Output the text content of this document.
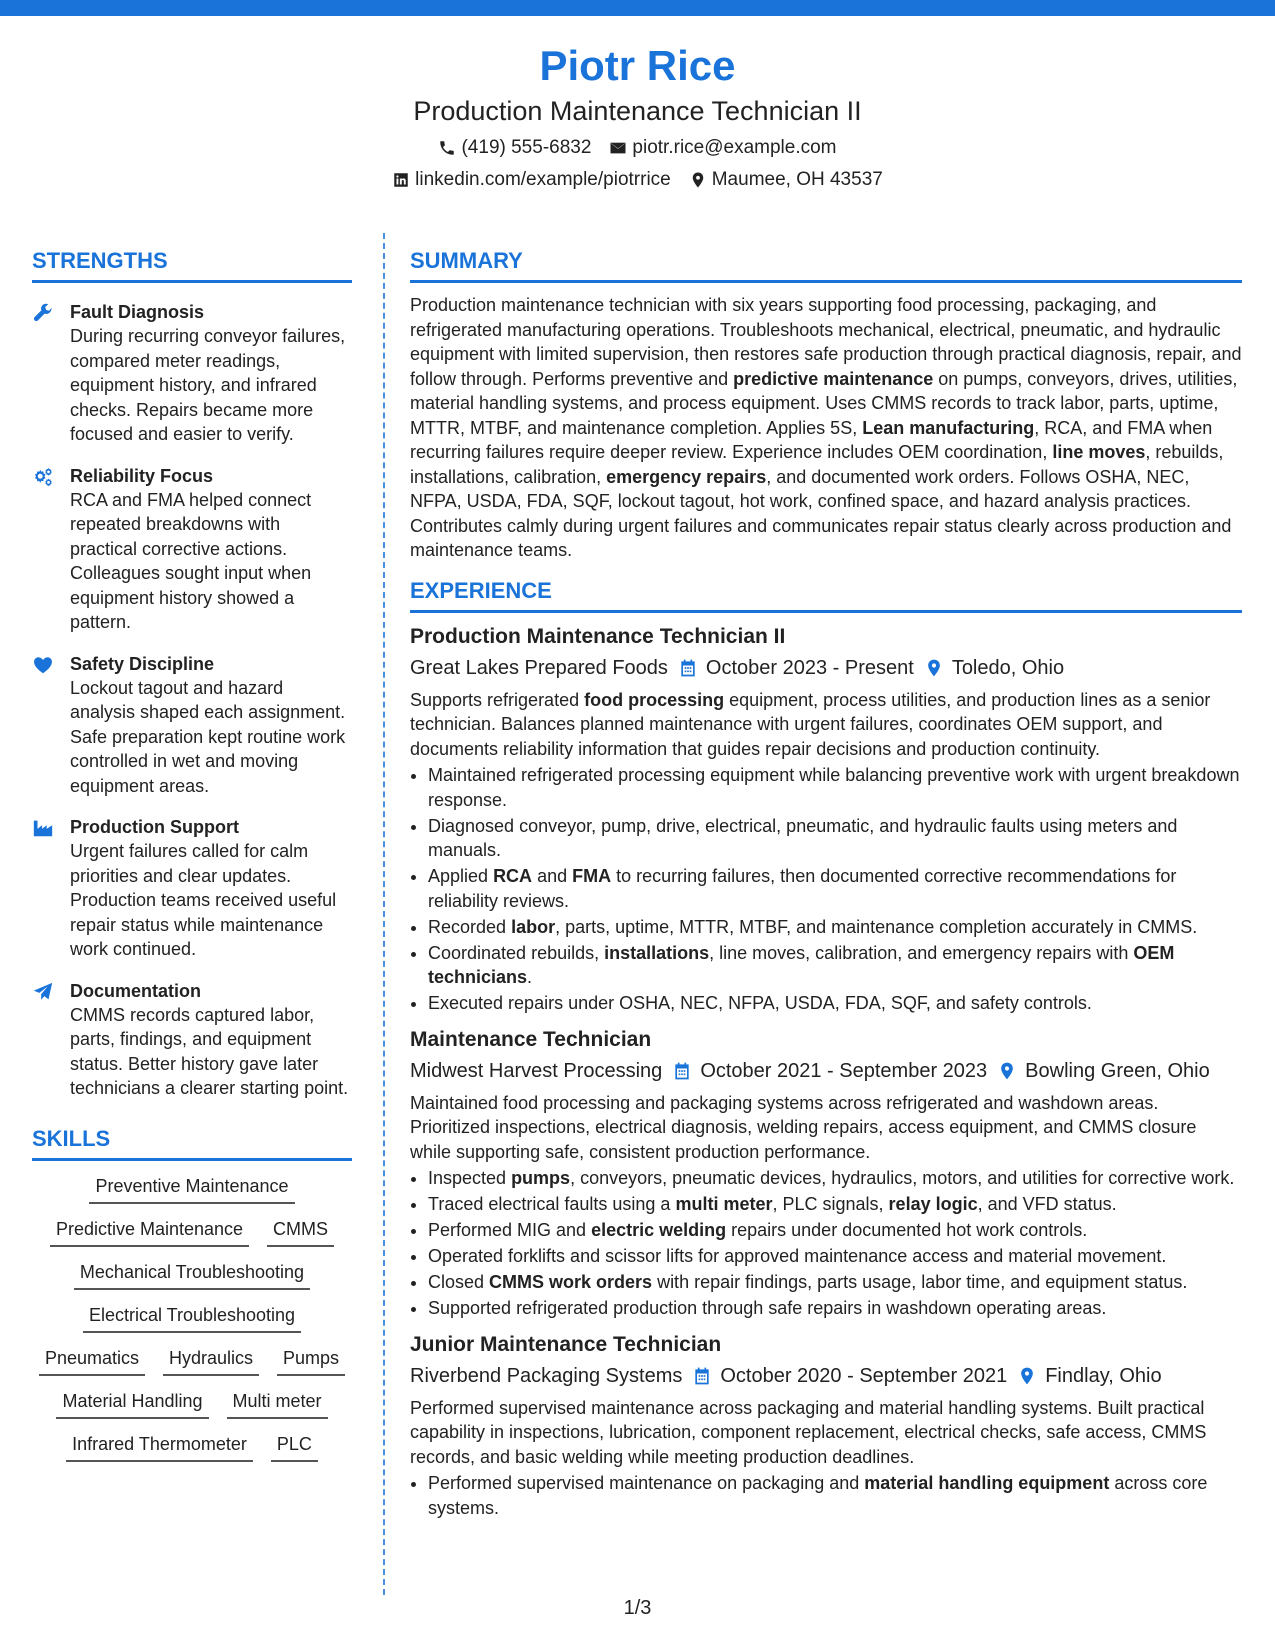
Piotr Rice
Production Maintenance Technician II
(419) 555-6832 piotr.rice@example.com
linkedin.com/example/piotrrice Maumee, OH 43537
STRENGTHS
Fault Diagnosis
During recurring conveyor failures, compared meter readings, equipment history, and infrared checks. Repairs became more focused and easier to verify.
Reliability Focus
RCA and FMA helped connect repeated breakdowns with practical corrective actions. Colleagues sought input when equipment history showed a pattern.
Safety Discipline
Lockout tagout and hazard analysis shaped each assignment. Safe preparation kept routine work controlled in wet and moving equipment areas.
Production Support
Urgent failures called for calm priorities and clear updates. Production teams received useful repair status while maintenance work continued.
Documentation
CMMS records captured labor, parts, findings, and equipment status. Better history gave later technicians a clearer starting point.
SKILLS
Preventive Maintenance
Predictive Maintenance	CMMS
Mechanical Troubleshooting
Electrical Troubleshooting
Pneumatics	Hydraulics	Pumps
Material Handling	Multi meter
Infrared Thermometer	PLC
SUMMARY
Production maintenance technician with six years supporting food processing, packaging, and refrigerated manufacturing operations. Troubleshoots mechanical, electrical, pneumatic, and hydraulic equipment with limited supervision, then restores safe production through practical diagnosis, repair, and follow through. Performs preventive and predictive maintenance on pumps, conveyors, drives, utilities, material handling systems, and process equipment. Uses CMMS records to track labor, parts, uptime, MTTR, MTBF, and maintenance completion. Applies 5S, Lean manufacturing, RCA, and FMA when recurring failures require deeper review. Experience includes OEM coordination, line moves, rebuilds, installations, calibration, emergency repairs, and documented work orders. Follows OSHA, NEC, NFPA, USDA, FDA, SQF, lockout tagout, hot work, confined space, and hazard analysis practices. Contributes calmly during urgent failures and communicates repair status clearly across production and maintenance teams.
EXPERIENCE
Production Maintenance Technician II
Great Lakes Prepared Foods October 2023 - Present Toledo, Ohio
Supports refrigerated food processing equipment, process utilities, and production lines as a senior technician. Balances planned maintenance with urgent failures, coordinates OEM support, and documents reliability information that guides repair decisions and production continuity.
• Maintained refrigerated processing equipment while balancing preventive work with urgent breakdown response.
• Diagnosed conveyor, pump, drive, electrical, pneumatic, and hydraulic faults using meters and manuals.
• Applied RCA and FMA to recurring failures, then documented corrective recommendations for reliability reviews.
• Recorded labor, parts, uptime, MTTR, MTBF, and maintenance completion accurately in CMMS.
• Coordinated rebuilds, installations, line moves, calibration, and emergency repairs with OEM technicians.
• Executed repairs under OSHA, NEC, NFPA, USDA, FDA, SQF, and safety controls.
Maintenance Technician
Midwest Harvest Processing October 2021 - September 2023 Bowling Green, Ohio
Maintained food processing and packaging systems across refrigerated and washdown areas. Prioritized inspections, electrical diagnosis, welding repairs, access equipment, and CMMS closure while supporting safe, consistent production performance.
• Inspected pumps, conveyors, pneumatic devices, hydraulics, motors, and utilities for corrective work.
• Traced electrical faults using a multi meter, PLC signals, relay logic, and VFD status.
• Performed MIG and electric welding repairs under documented hot work controls.
• Operated forklifts and scissor lifts for approved maintenance access and material movement.
• Closed CMMS work orders with repair findings, parts usage, labor time, and equipment status.
• Supported refrigerated production through safe repairs in washdown operating areas.
Junior Maintenance Technician
Riverbend Packaging Systems October 2020 - September 2021 Findlay, Ohio
Performed supervised maintenance across packaging and material handling systems. Built practical capability in inspections, lubrication, component replacement, electrical checks, safe access, CMMS records, and basic welding while meeting production deadlines.
• Performed supervised maintenance on packaging and material handling equipment across core systems.
1/3
